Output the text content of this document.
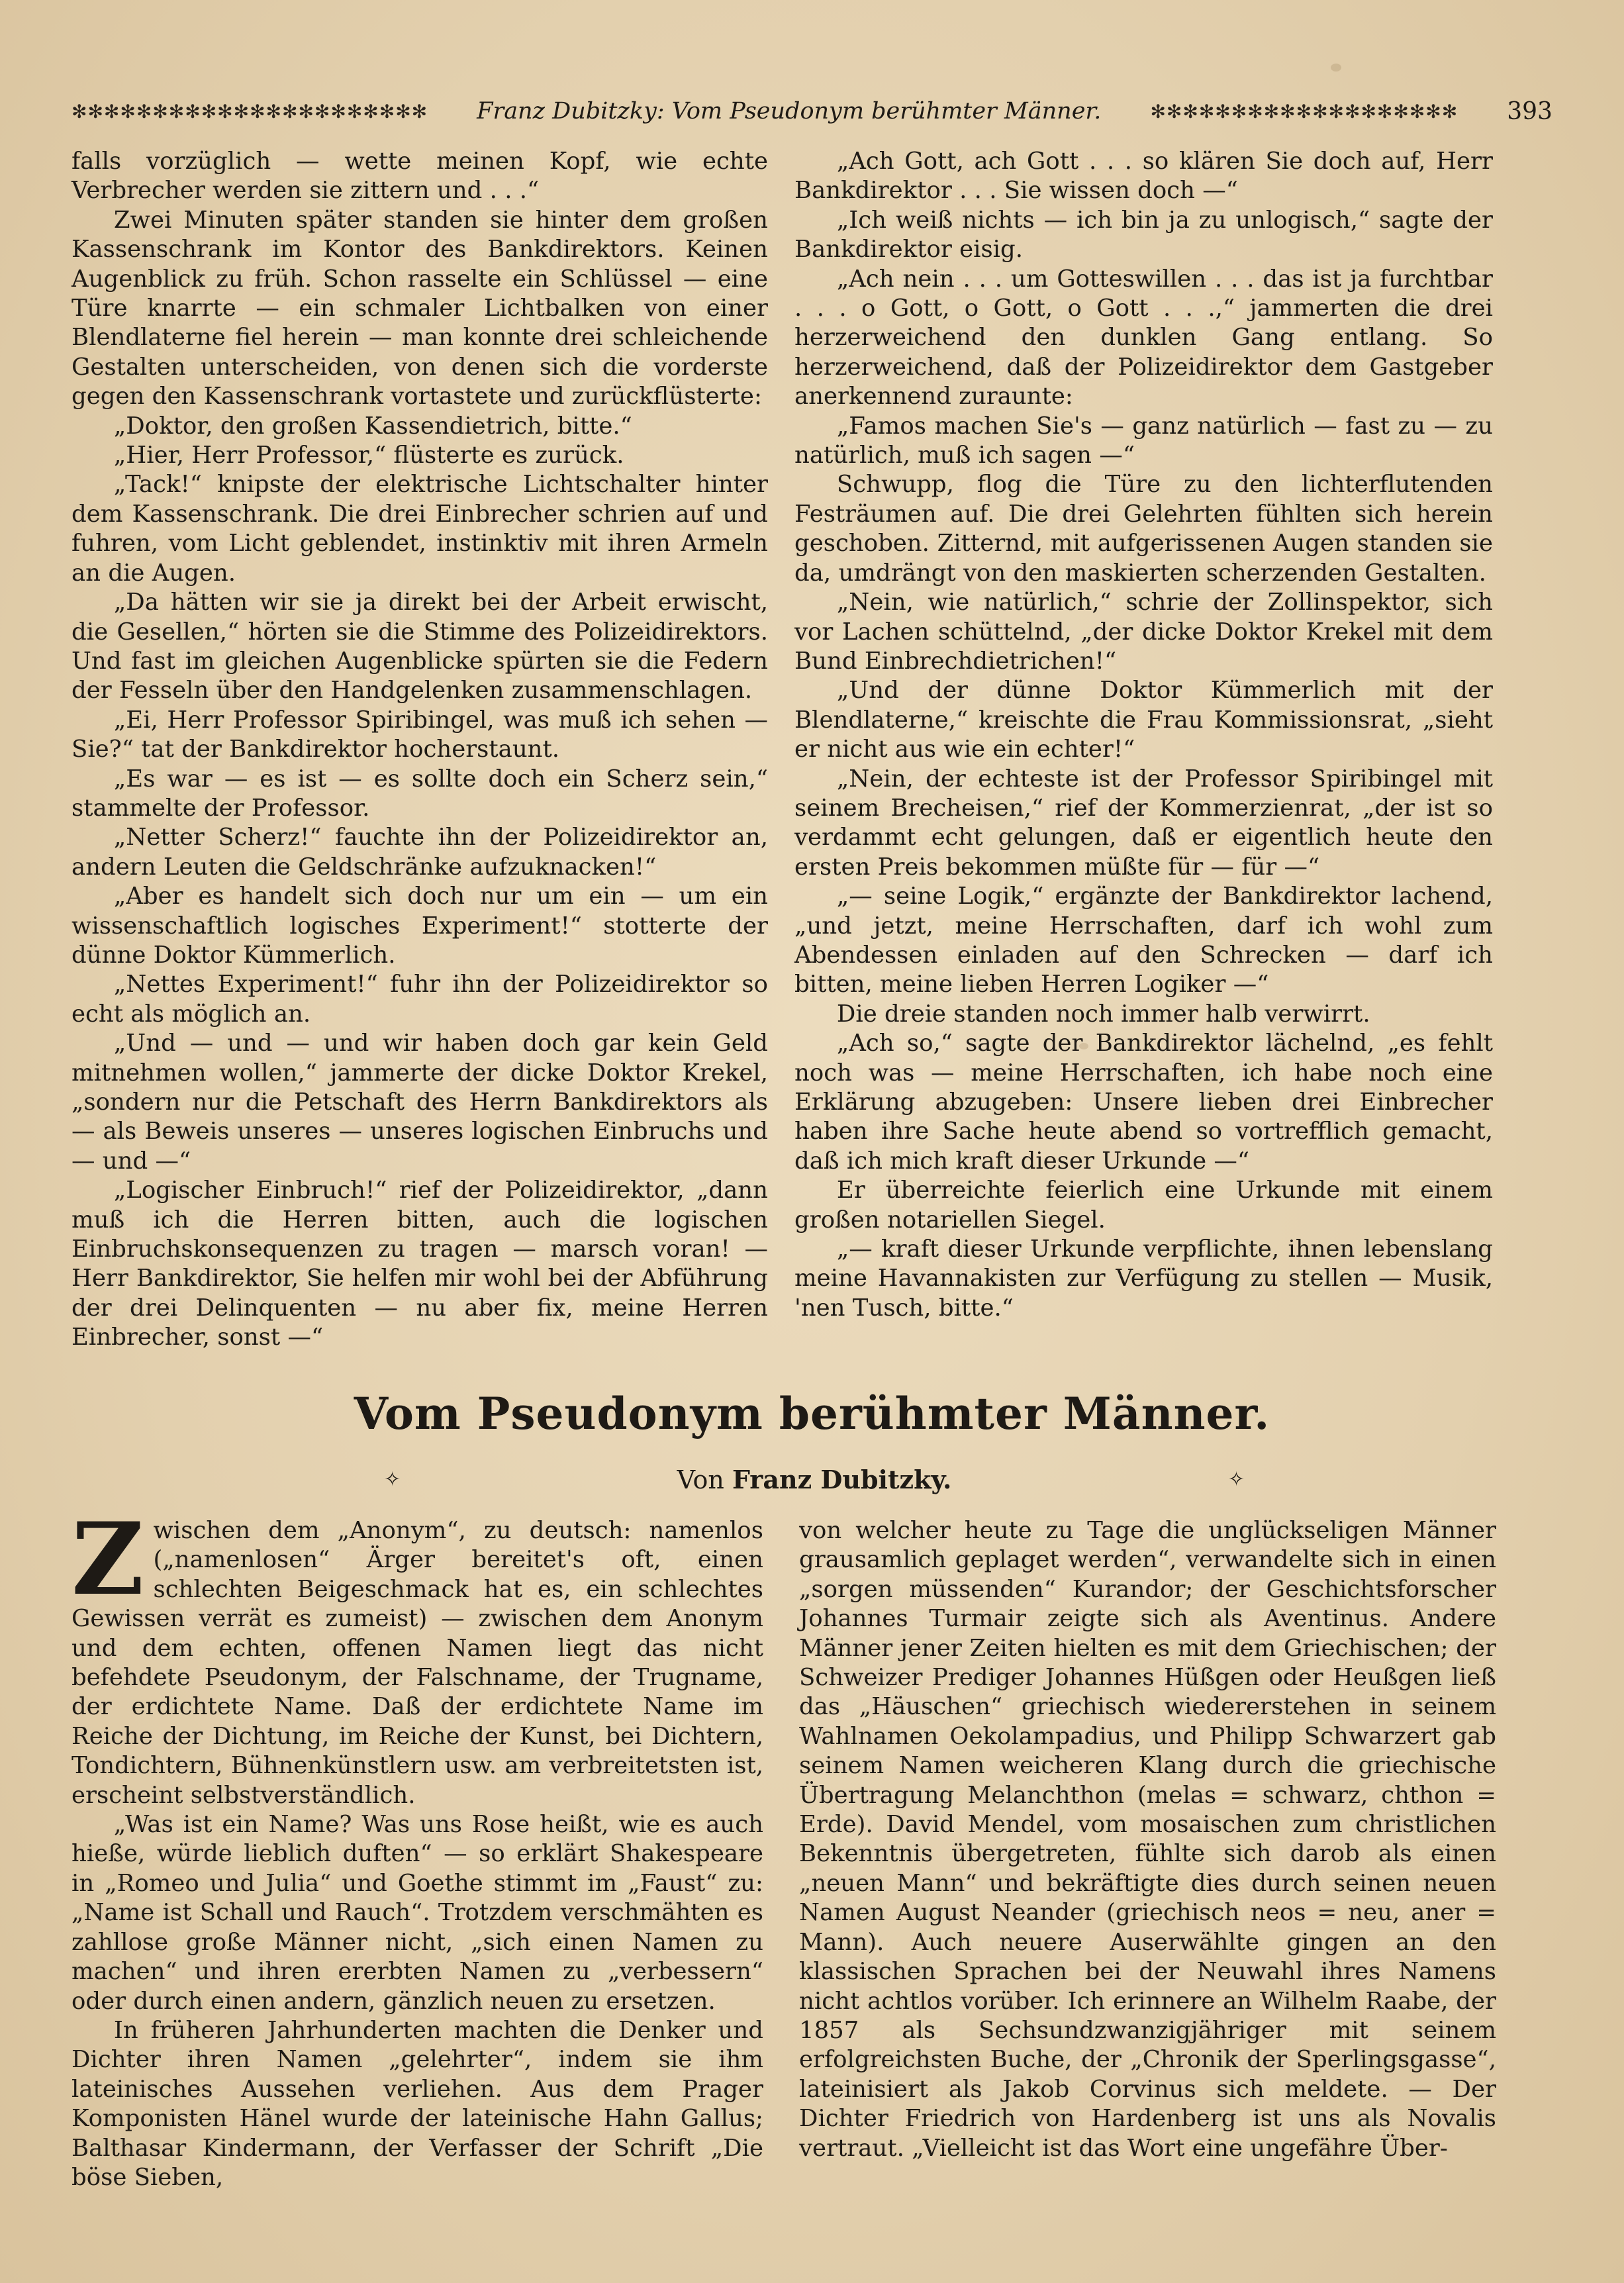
✻✻✻✻✻✻✻✻✻✻✻✻✻✻✻✻✻✻✻✻✻✻ Franz Dubitzky: Vom Pseudonym berühmter Männer.	✻✻✻✻✻✻✻✻✻✻✻✻✻✻✻✻✻✻✻ 393

falls vorzüglich — wette meinen Kopf, wie echte Verbrecher werden sie zittern und . . .“

Zwei Minuten später standen sie hinter dem großen Kassenschrank im Kontor des Bankdirektors. Keinen Augenblick zu früh. Schon rasselte ein Schlüssel — eine Türe knarrte — ein schmaler Lichtbalken von einer Blendlaterne fiel herein — man konnte drei schleichende Gestalten unterscheiden, von denen sich die vorderste gegen den Kassenschrank vortastete und zurückflüsterte:

„Doktor, den großen Kassendietrich, bitte.“

„Hier, Herr Professor,“ flüsterte es zurück.

„Tack!“ knipste der elektrische Lichtschalter hinter dem Kassenschrank. Die drei Einbrecher schrien auf und fuhren, vom Licht geblendet, instinktiv mit ihren Armeln an die Augen.

„Da hätten wir sie ja direkt bei der Arbeit erwischt, die Gesellen,“ hörten sie die Stimme des Polizeidirektors. Und fast im gleichen Augenblicke spürten sie die Federn der Fesseln über den Handgelenken zusammenschlagen.

„Ei, Herr Professor Spiribingel, was muß ich sehen — Sie?“ tat der Bankdirektor hocherstaunt.

„Es war — es ist — es sollte doch ein Scherz sein,“ stammelte der Professor.

„Netter Scherz!“ fauchte ihn der Polizeidirektor an, andern Leuten die Geldschränke aufzuknacken!“

„Aber es handelt sich doch nur um ein — um ein wissenschaftlich logisches Experiment!“ stotterte der dünne Doktor Kümmerlich.

„Nettes Experiment!“ fuhr ihn der Polizeidirektor so echt als möglich an.

„Und — und — und wir haben doch gar kein Geld mitnehmen wollen,“ jammerte der dicke Doktor Krekel, „sondern nur die Petschaft des Herrn Bankdirektors als — als Beweis unseres — unseres logischen Einbruchs und — und —“

„Logischer Einbruch!“ rief der Polizeidirektor, „dann muß ich die Herren bitten, auch die logischen Einbruchskonsequenzen zu tragen — marsch voran! — Herr Bankdirektor, Sie helfen mir wohl bei der Abführung der drei Delinquenten — nu aber fix, meine Herren Einbrecher, sonst —“

„Ach Gott, ach Gott . . . so klären Sie doch auf, Herr Bankdirektor . . . Sie wissen doch —“

„Ich weiß nichts — ich bin ja zu unlogisch,“ sagte der Bankdirektor eisig.

„Ach nein . . . um Gotteswillen . . . das ist ja furchtbar . . . o Gott, o Gott, o Gott . . .,“ jammerten die drei herzerweichend den dunklen Gang entlang. So herzerweichend, daß der Polizeidirektor dem Gastgeber anerkennend zuraunte:

„Famos machen Sie's — ganz natürlich — fast zu — zu natürlich, muß ich sagen —“

Schwupp, flog die Türe zu den lichterflutenden Festräumen auf. Die drei Gelehrten fühlten sich herein geschoben. Zitternd, mit aufgerissenen Augen standen sie da, umdrängt von den maskierten scherzenden Gestalten.

„Nein, wie natürlich,“ schrie der Zollinspektor, sich vor Lachen schüttelnd, „der dicke Doktor Krekel mit dem Bund Einbrechdietrichen!“

„Und der dünne Doktor Kümmerlich mit der Blendlaterne,“ kreischte die Frau Kommissionsrat, „sieht er nicht aus wie ein echter!“

„Nein, der echteste ist der Professor Spiribingel mit seinem Brecheisen,“ rief der Kommerzienrat, „der ist so verdammt echt gelungen, daß er eigentlich heute den ersten Preis bekommen müßte für — für —“

„— seine Logik,“ ergänzte der Bankdirektor lachend, „und jetzt, meine Herrschaften, darf ich wohl zum Abendessen einladen auf den Schrecken — darf ich bitten, meine lieben Herren Logiker —“

Die dreie standen noch immer halb verwirrt.

„Ach so,“ sagte der Bankdirektor lächelnd, „es fehlt noch was — meine Herrschaften, ich habe noch eine Erklärung abzugeben: Unsere lieben drei Einbrecher haben ihre Sache heute abend so vortrefflich gemacht, daß ich mich kraft dieser Urkunde —“

Er überreichte feierlich eine Urkunde mit einem großen notariellen Siegel.

„— kraft dieser Urkunde verpflichte, ihnen lebenslang meine Havannakisten zur Verfügung zu stellen — Musik, 'nen Tusch, bitte.“

Vom Pseudonym berühmter Männer.
✧	Von Franz Dubitzky.	✧

Zwischen dem „Anonym“, zu deutsch: namenlos („namenlosen“ Ärger bereitet's oft, einen schlechten Beigeschmack hat es, ein schlechtes Gewissen verrät es zumeist) — zwischen dem Anonym und dem echten, offenen Namen liegt das nicht befehdete Pseudonym, der Falschname, der Trugname, der erdichtete Name. Daß der erdichtete Name im Reiche der Dichtung, im Reiche der Kunst, bei Dichtern, Tondichtern, Bühnenkünstlern usw. am verbreitetsten ist, erscheint selbstverständlich.

„Was ist ein Name? Was uns Rose heißt, wie es auch hieße, würde lieblich duften“ — so erklärt Shakespeare in „Romeo und Julia“ und Goethe stimmt im „Faust“ zu: „Name ist Schall und Rauch“. Trotzdem verschmähten es zahllose große Männer nicht, „sich einen Namen zu machen“ und ihren ererbten Namen zu „verbessern“ oder durch einen andern, gänzlich neuen zu ersetzen.

In früheren Jahrhunderten machten die Denker und Dichter ihren Namen „gelehrter“, indem sie ihm lateinisches Aussehen verliehen. Aus dem Prager Komponisten Hänel wurde der lateinische Hahn Gallus; Balthasar Kindermann, der Verfasser der Schrift „Die böse Sieben,

von welcher heute zu Tage die unglückseligen Männer grausamlich geplaget werden“, verwandelte sich in einen „sorgen müssenden“ Kurandor; der Geschichtsforscher Johannes Turmair zeigte sich als Aventinus. Andere Männer jener Zeiten hielten es mit dem Griechischen; der Schweizer Prediger Johannes Hüßgen oder Heußgen ließ das „Häuschen“ griechisch wiedererstehen in seinem Wahlnamen Oekolampadius, und Philipp Schwarzert gab seinem Namen weicheren Klang durch die griechische Übertragung Melanchthon (melas = schwarz, chthon = Erde). David Mendel, vom mosaischen zum christlichen Bekenntnis übergetreten, fühlte sich darob als einen „neuen Mann“ und bekräftigte dies durch seinen neuen Namen August Neander (griechisch neos = neu, aner = Mann). Auch neuere Auserwählte gingen an den klassischen Sprachen bei der Neuwahl ihres Namens nicht achtlos vorüber. Ich erinnere an Wilhelm Raabe, der 1857 als Sechsundzwanzigjähriger mit seinem erfolgreichsten Buche, der „Chronik der Sperlingsgasse“, lateinisiert als Jakob Corvinus sich meldete. — Der Dichter Friedrich von Hardenberg ist uns als Novalis vertraut. „Vielleicht ist das Wort eine ungefähre Über-
